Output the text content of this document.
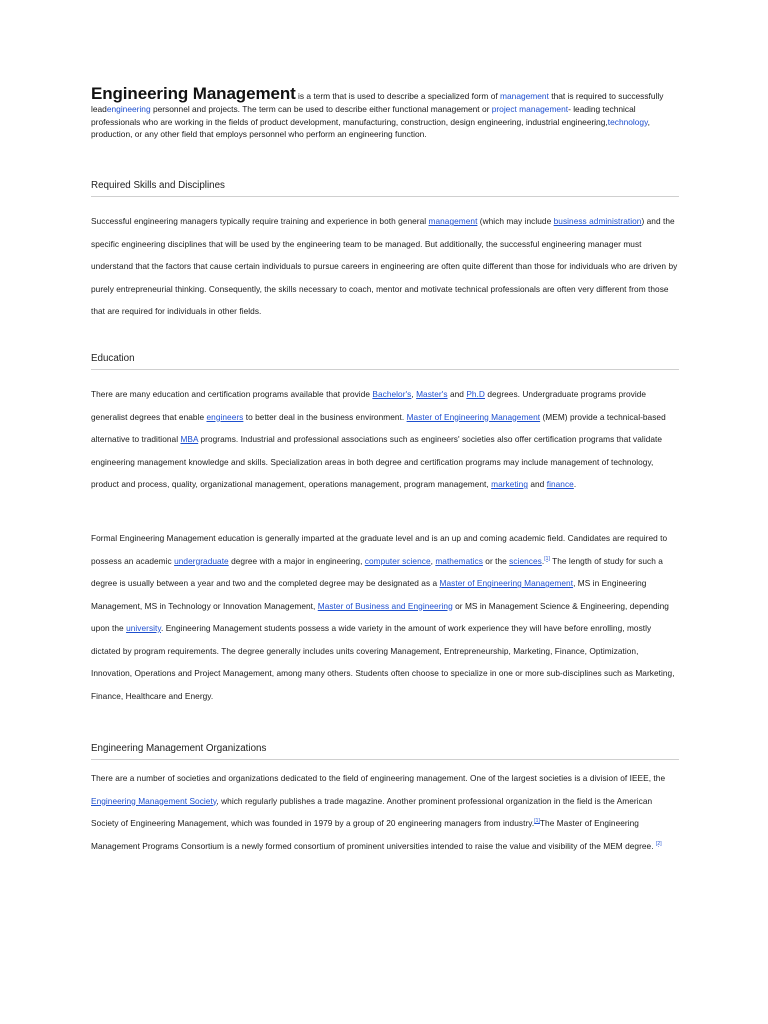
Engineering Management is a term that is used to describe a specialized form of management that is required to successfully leadengineering personnel and projects. The term can be used to describe either functional management or project management- leading technical professionals who are working in the fields of product development, manufacturing, construction, design engineering, industrial engineering,technology, production, or any other field that employs personnel who perform an engineering function.
Required Skills and Disciplines
Successful engineering managers typically require training and experience in both general management (which may include business administration) and the specific engineering disciplines that will be used by the engineering team to be managed. But additionally, the successful engineering manager must understand that the factors that cause certain individuals to pursue careers in engineering are often quite different than those for individuals who are driven by purely entrepreneurial thinking. Consequently, the skills necessary to coach, mentor and motivate technical professionals are often very different from those that are required for individuals in other fields.
Education
There are many education and certification programs available that provide Bachelor's, Master's and Ph.D degrees. Undergraduate programs provide generalist degrees that enable engineers to better deal in the business environment. Master of Engineering Management (MEM) provide a technical-based alternative to traditional MBA programs. Industrial and professional associations such as engineers' societies also offer certification programs that validate engineering management knowledge and skills. Specialization areas in both degree and certification programs may include management of technology, product and process, quality, organizational management, operations management, program management, marketing and finance.
Formal Engineering Management education is generally imparted at the graduate level and is an up and coming academic field. Candidates are required to possess an academic undergraduate degree with a major in engineering, computer science, mathematics or the sciences.[1] The length of study for such a degree is usually between a year and two and the completed degree may be designated as a Master of Engineering Management, MS in Engineering Management, MS in Technology or Innovation Management, Master of Business and Engineering or MS in Management Science & Engineering, depending upon the university. Engineering Management students possess a wide variety in the amount of work experience they will have before enrolling, mostly dictated by program requirements. The degree generally includes units covering Management, Entrepreneurship, Marketing, Finance, Optimization, Innovation, Operations and Project Management, among many others. Students often choose to specialize in one or more sub-disciplines such as Marketing, Finance, Healthcare and Energy.
Engineering Management Organizations
There are a number of societies and organizations dedicated to the field of engineering management. One of the largest societies is a division of IEEE, the Engineering Management Society, which regularly publishes a trade magazine. Another prominent professional organization in the field is the American Society of Engineering Management, which was founded in 1979 by a group of 20 engineering managers from industry.[1]The Master of Engineering Management Programs Consortium is a newly formed consortium of prominent universities intended to raise the value and visibility of the MEM degree. [2]
